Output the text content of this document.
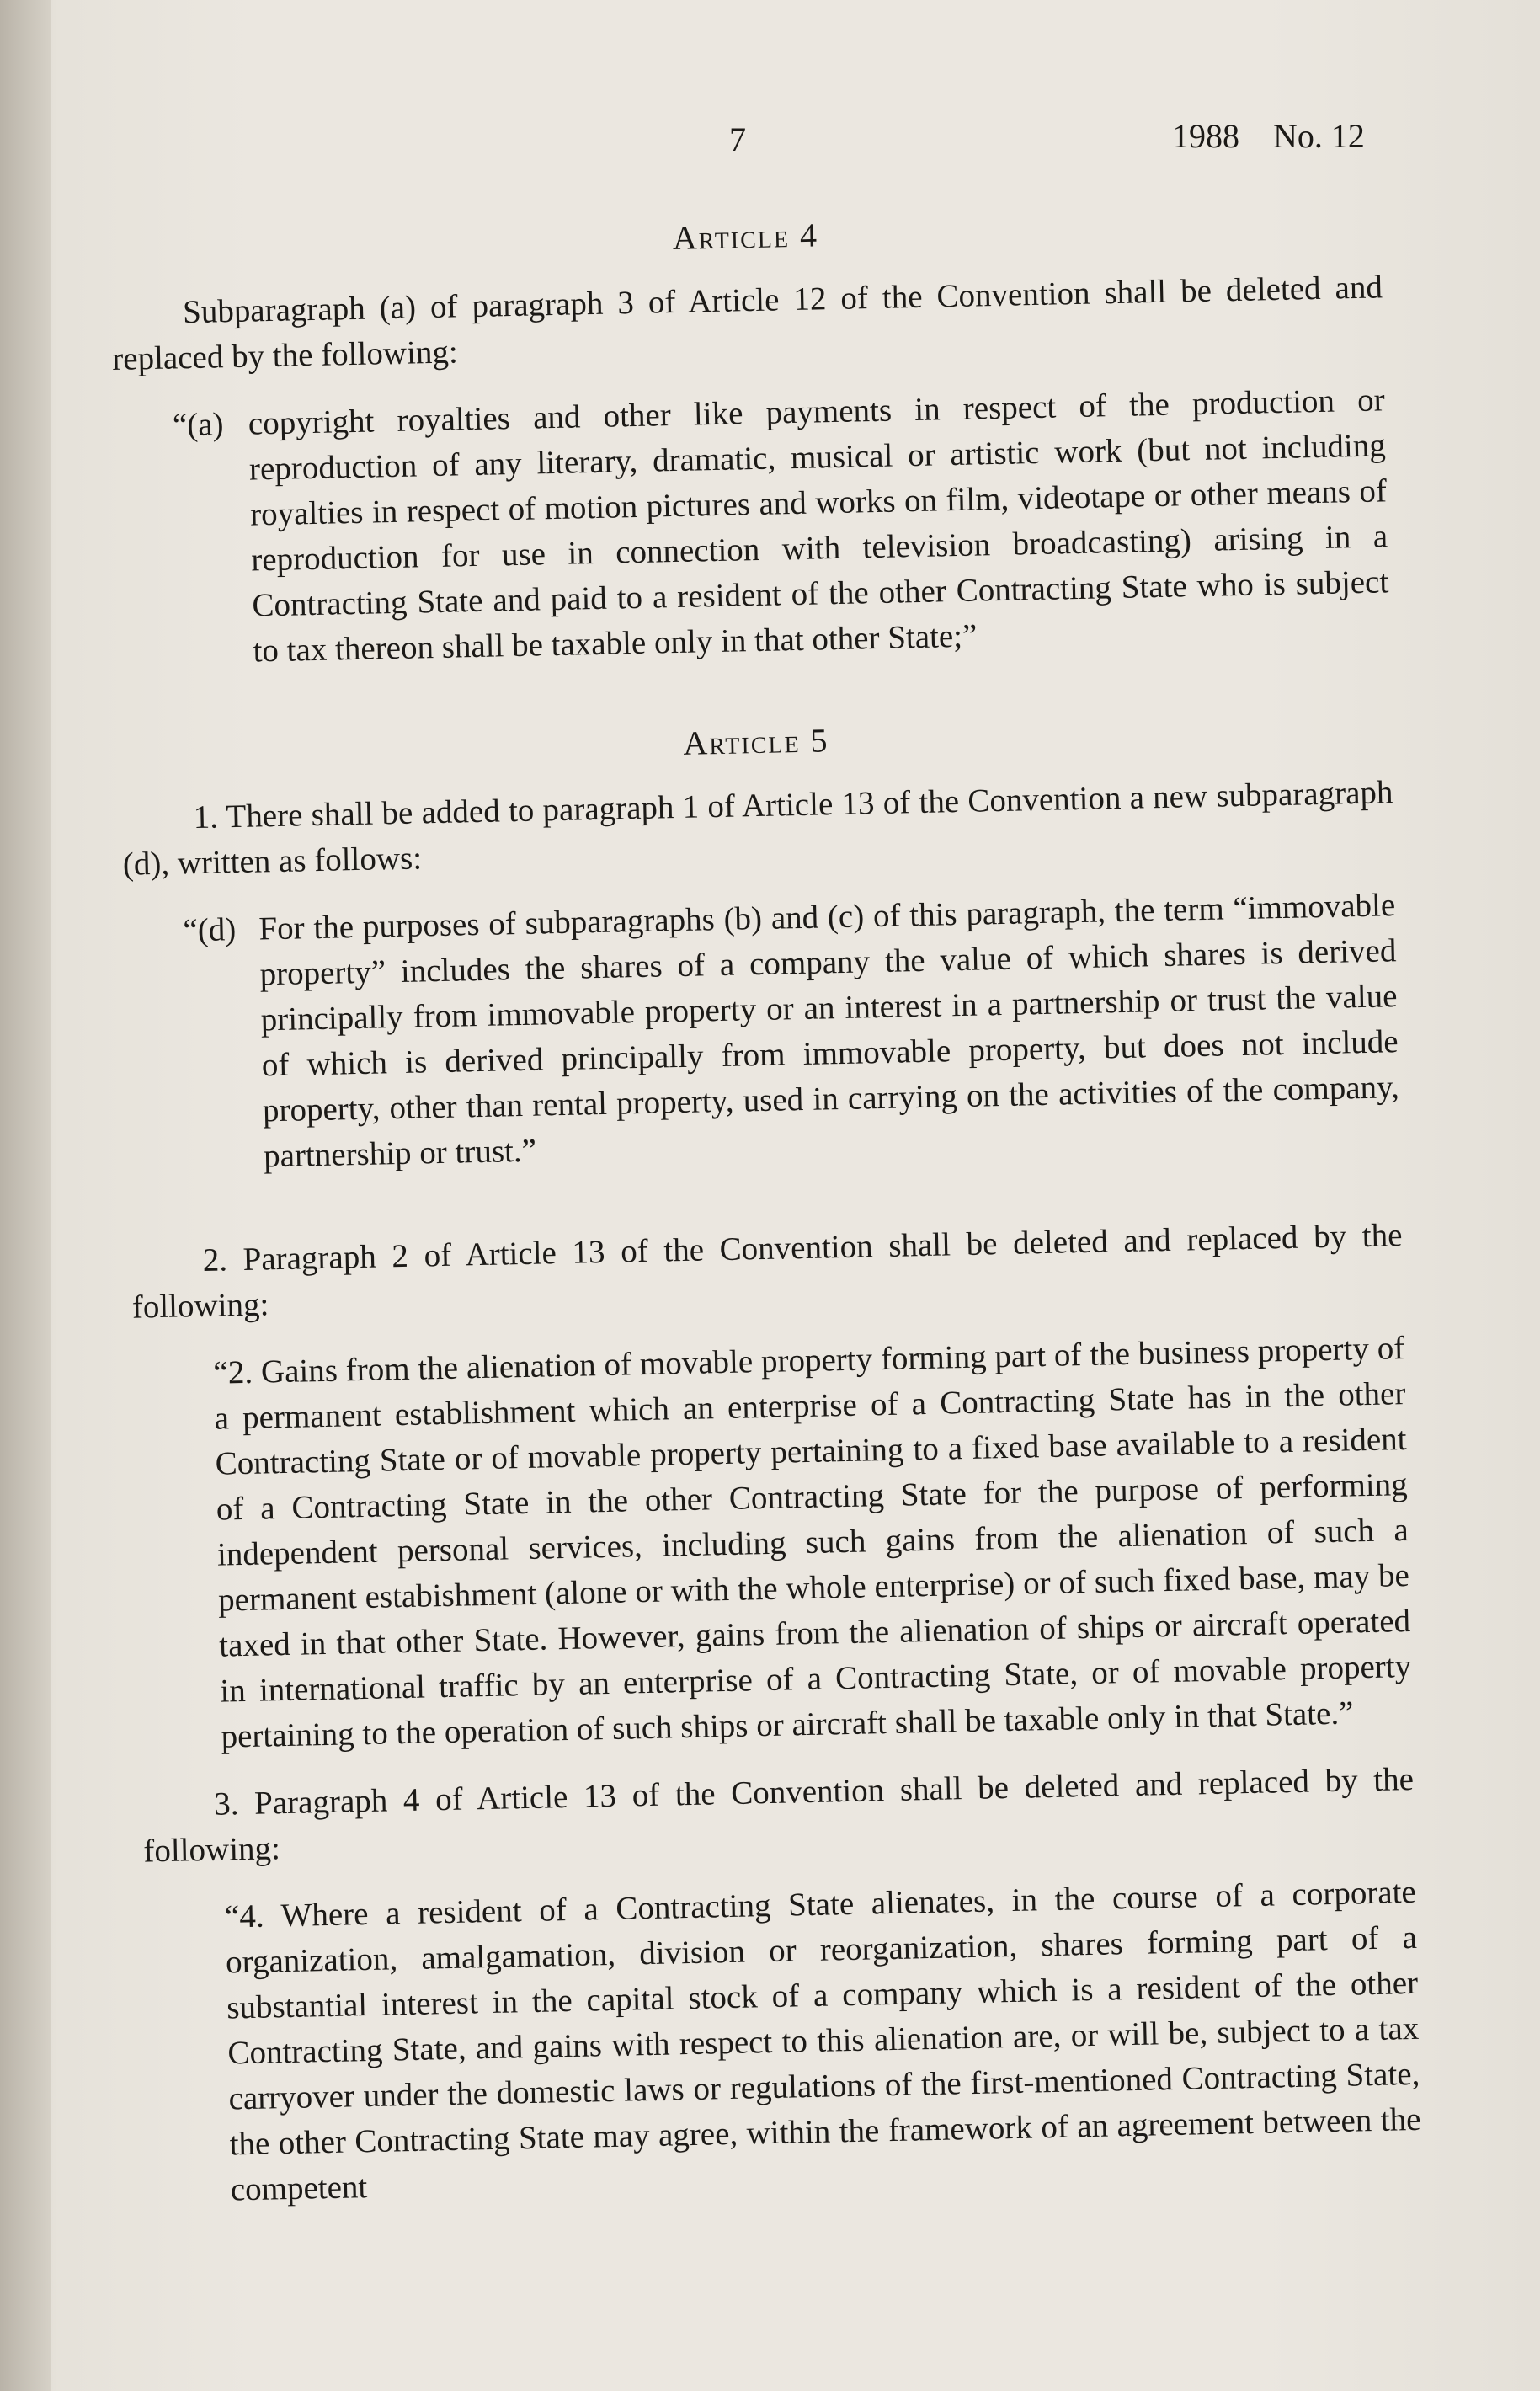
7	1988 No. 12
Article 4

Subparagraph (a) of paragraph 3 of Article 12 of the Convention shall be deleted and replaced by the following:

“(a) copyright royalties and other like payments in respect of the production or reproduction of any literary, dramatic, musical or artistic work (but not including royalties in respect of motion pictures and works on film, videotape or other means of reproduction for use in connection with television broadcasting) arising in a Contracting State and paid to a resident of the other Contracting State who is subject to tax thereon shall be taxable only in that other State;”
Article 5

1. There shall be added to paragraph 1 of Article 13 of the Convention a new subparagraph (d), written as follows:

“(d) For the purposes of subparagraphs (b) and (c) of this paragraph, the term “immovable property” includes the shares of a company the value of which shares is derived principally from immovable property or an interest in a partnership or trust the value of which is derived principally from immovable property, but does not include property, other than rental property, used in carrying on the activities of the company, partnership or trust.”

2. Paragraph 2 of Article 13 of the Convention shall be deleted and replaced by the following:

“2. Gains from the alienation of movable property forming part of the business property of a permanent establishment which an enterprise of a Contracting State has in the other Contracting State or of movable property pertaining to a fixed base available to a resident of a Contracting State in the other Contracting State for the purpose of performing independent personal services, including such gains from the alienation of such a permanent estabishment (alone or with the whole enterprise) or of such fixed base, may be taxed in that other State. However, gains from the alienation of ships or aircraft operated in international traffic by an enterprise of a Contracting State, or of movable property pertaining to the operation of such ships or aircraft shall be taxable only in that State.”

3. Paragraph 4 of Article 13 of the Convention shall be deleted and replaced by the following:

“4. Where a resident of a Contracting State alienates, in the course of a corporate organization, amalgamation, division or reorganization, shares forming part of a substantial interest in the capital stock of a company which is a resident of the other Contracting State, and gains with respect to this alienation are, or will be, subject to a tax carryover under the domestic laws or regulations of the first-mentioned Contracting State, the other Contracting State may agree, within the framework of an agreement between the competent
